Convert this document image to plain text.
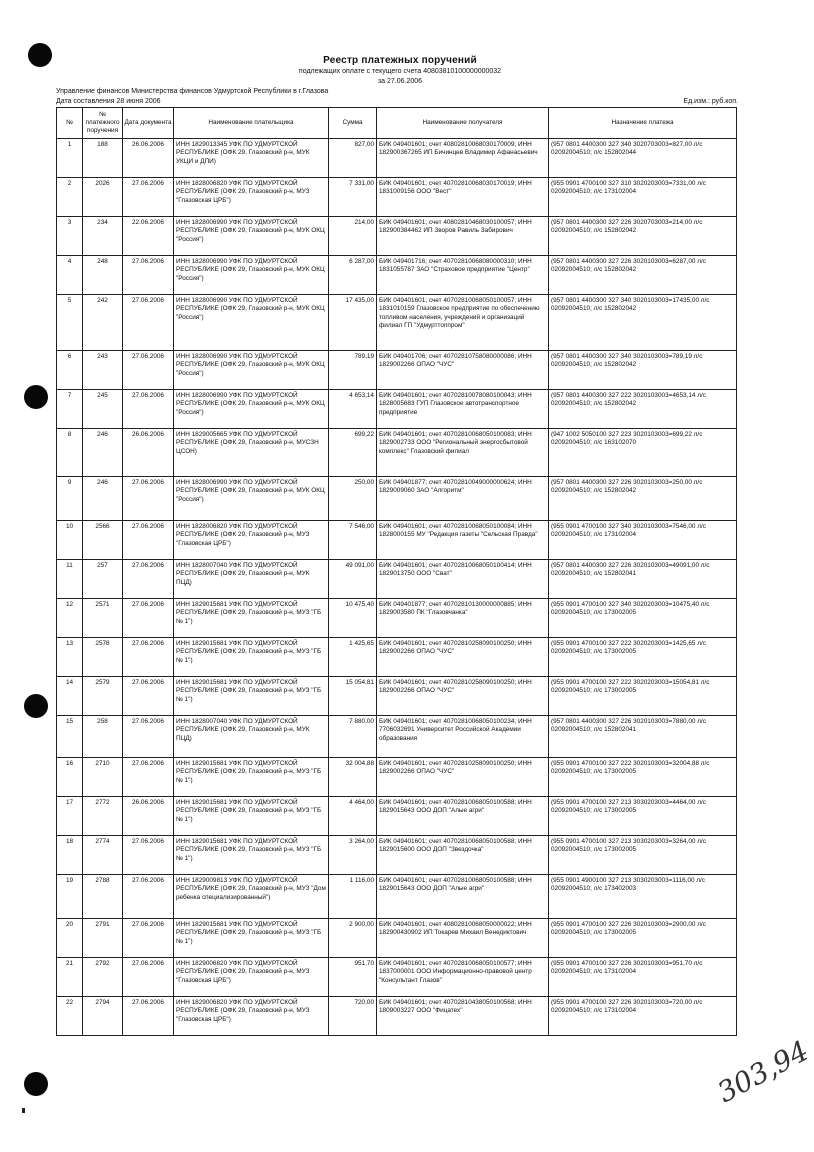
Реестр платежных поручений
подлежащих оплате с текущего счета 40803810100000000032
за 27.06.2006
Управление финансов Министерства финансов Удмуртской Республики в г.Глазова
Дата составления 28 июня 2006	Ед.изм.: руб.коп.
№	№ платежного поручения	Дата документа	Наименование плательщика	Сумма	Наименование получателя	Назначение платежа
1	188	26.06.2006	ИНН 1829013345 УФК ПО УДМУРТСКОЙ РЕСПУБЛИКЕ (ОФК 29, Глазовский р-н, МУК УКЦИ и ДПИ)	827,00	БИК 049401601; счет 40802810068030170009; ИНН 182900367265 ИП Бичинцев Владимир Афанасьевич	(957 0801 4400300 327 340 3020703003=827,00 л/с 02092004510; л/с 152802044
2	2026	27.06.2006	ИНН 1828006820 УФК ПО УДМУРТСКОЙ РЕСПУБЛИКЕ (ОФК 29, Глазовский р-н, МУЗ "Глазовская ЦРБ")	7 331,00	БИК 049401601; счет 40702810068030170019; ИНН 1831009156 ООО "Вест"	(955 0901 4700100 327 310 3020203003=7331,00 л/с 02092004510; л/с 173102004
3	234	22.06.2006	ИНН 1828006990 УФК ПО УДМУРТСКОЙ РЕСПУБЛИКЕ (ОФК 29, Глазовский р-н, МУК ОКЦ "Россия")	214,00	БИК 049401601; счет 40802810468030100057; ИНН 182900384462 ИП Зворов Равиль Забирович	(957 0801 4400300 327 226 3020703003=214,00 л/с 02092004510; л/с 152802042
4	248	27.06.2006	ИНН 1828006990 УФК ПО УДМУРТСКОЙ РЕСПУБЛИКЕ (ОФК 29, Глазовский р-н, МУК ОКЦ "Россия")	6 287,00	БИК 049401716; счет 40702810068080000310; ИНН 1831055787 ЗАО "Страховое предприятие "Центр"	(957 0801 4400300 327 226 3020103003=6287,00 л/с 02092004510; л/с 152802042
5	242	27.06.2006	ИНН 1828006990 УФК ПО УДМУРТСКОЙ РЕСПУБЛИКЕ (ОФК 29, Глазовский р-н, МУК ОКЦ "Россия")	17 435,00	БИК 049401601; счет 40702810068050100057; ИНН 1831010159 Глазовское предприятие по обеспечению топливом населения, учреждений и организаций филиал ГП "Удмурттоппром"	(957 0801 4400300 327 340 3020103003=17435,00 л/с 02092004510; л/с 152802042
6	243	27.06.2006	ИНН 1828006990 УФК ПО УДМУРТСКОЙ РЕСПУБЛИКЕ (ОФК 29, Глазовский р-н, МУК ОКЦ "Россия")	789,19	БИК 049401706; счет 40702810758080000086; ИНН 1829002266 ОПАО "ЧУС"	(957 0801 4400300 327 340 3020103003=789,19 л/с 02092004510; л/с 152802042
7	245	27.06.2006	ИНН 1828006990 УФК ПО УДМУРТСКОЙ РЕСПУБЛИКЕ (ОФК 29, Глазовский р-н, МУК ОКЦ "Россия")	4 653,14	БИК 049401601; счет 40702810078080100043; ИНН 1828005683 ГУП Глазовское автотранспортное предприятие	(957 0801 4400300 327 222 3020103003=4653,14 л/с 02092004510; л/с 152802042
8	246	26.06.2006	ИНН 1829005665 УФК ПО УДМУРТСКОЙ РЕСПУБЛИКЕ (ОФК 29, Глазовский р-н, МУСЗН ЦСОН)	699,22	БИК 049401601; счет 40702810068050100083; ИНН 1829002733 ООО "Региональный энергосбытовой комплекс" Глазовский филиал	(947 1002 5050100 327 223 3020103003=699,22 л/с 02092004510; л/с 163102070
9	246	27.06.2006	ИНН 1828006990 УФК ПО УДМУРТСКОЙ РЕСПУБЛИКЕ (ОФК 29, Глазовский р-н, МУК ОКЦ "Россия")	250,00	БИК 049401877; счет 40702810049000000624; ИНН 1829009060 ЗАО "Алгоритм"	(957 0801 4400300 327 226 3020103003=250,00 л/с 02092004510; л/с 152802042
10	2566	27.06.2006	ИНН 1828006820 УФК ПО УДМУРТСКОЙ РЕСПУБЛИКЕ (ОФК 29, Глазовский р-н, МУЗ "Глазовская ЦРБ")	7 546,00	БИК 049401601; счет 40702810068050100084; ИНН 1828000155 МУ "Редакция газеты "Сельская Правда"	(955 0901 4700100 327 340 3020103003=7546,00 л/с 02092004510; л/с 173102004
11	257	27.06.2006	ИНН 1828007040 УФК ПО УДМУРТСКОЙ РЕСПУБЛИКЕ (ОФК 29, Глазовский р-н, МУК ПЦД)	49 091,00	БИК 049401601; счет 40702810068050100414; ИНН 1829013750 ООО "Сват"	(957 0801 4400300 327 226 3020103003=49091,00 л/с 02092004510; л/с 152802041
12	2571	27.06.2006	ИНН 1829015681 УФК ПО УДМУРТСКОЙ РЕСПУБЛИКЕ (ОФК 29, Глазовский р-н, МУЗ "ГБ № 1")	10 475,40	БИК 049401877; счет 40702810130000000885; ИНН 1829003580 ПК "Глазовчанка"	(955 0901 4700100 327 340 3020203003=10475,40 л/с 02092004510; л/с 173002005
13	2578	27.06.2006	ИНН 1829015681 УФК ПО УДМУРТСКОЙ РЕСПУБЛИКЕ (ОФК 29, Глазовский р-н, МУЗ "ГБ № 1")	1 425,65	БИК 049401601; счет 40702810258090100250; ИНН 1829002266 ОПАО "ЧУС"	(955 0901 4700100 327 222 3020203003=1425,65 л/с 02092004510; л/с 173002005
14	2579	27.06.2006	ИНН 1829015681 УФК ПО УДМУРТСКОЙ РЕСПУБЛИКЕ (ОФК 29, Глазовский р-н, МУЗ "ГБ № 1")	15 054,81	БИК 049401601; счет 40702810258090100250; ИНН 1829002266 ОПАО "ЧУС"	(955 0901 4700100 327 222 3020203003=15054,81 л/с 02092004510; л/с 173002005
15	258	27.06.2006	ИНН 1828007040 УФК ПО УДМУРТСКОЙ РЕСПУБЛИКЕ (ОФК 29, Глазовский р-н, МУК ПЦД)	7 880,00	БИК 049401601; счет 40702810068050100234; ИНН 7706032691 Университет Российской Академии образования	(957 0801 4400300 327 226 3020103003=7880,00 л/с 02092004510; л/с 152802041
16	2710	27.06.2006	ИНН 1829015681 УФК ПО УДМУРТСКОЙ РЕСПУБЛИКЕ (ОФК 29, Глазовский р-н, МУЗ "ГБ № 1")	32 004,88	БИК 049401601; счет 40702810258090100250; ИНН 1829002266 ОПАО "ЧУС"	(955 0901 4700100 327 222 3020103003=32004,88 л/с 02092004510; л/с 173002005
17	2772	26.06.2006	ИНН 1829015681 УФК ПО УДМУРТСКОЙ РЕСПУБЛИКЕ (ОФК 29, Глазовский р-н, МУЗ "ГБ № 1")	4 464,00	БИК 049401601; счет 40702810068050100588; ИНН 1829015643 ООО ДОП "Алые агри"	(955 0901 4700100 327 213 3030203003=4464,00 л/с 02092004510; л/с 173002005
18	2774	27.06.2006	ИНН 1829015681 УФК ПО УДМУРТСКОЙ РЕСПУБЛИКЕ (ОФК 29, Глазовский р-н, МУЗ "ГБ № 1")	3 264,00	БИК 049401601; счет 40702810068050100588; ИНН 1829015600 ООО ДОП "Звездочка"	(955 0901 4700100 327 213 3030203003=3264,00 л/с 02092004510; л/с 173002005
19	2788	27.06.2006	ИНН 1829009813 УФК ПО УДМУРТСКОЙ РЕСПУБЛИКЕ (ОФК 29, Глазовский р-н, МУЗ "Дом ребенка специализированный")	1 116,00	БИК 049401601; счет 40702810068050100588; ИНН 1829015643 ООО ДОП "Алые агри"	(955 0901 4900100 327 213 3030203003=1116,00 л/с 02092004510; л/с 173402003
20	2791	27.06.2006	ИНН 1829015681 УФК ПО УДМУРТСКОЙ РЕСПУБЛИКЕ (ОФК 29, Глазовский р-н, МУЗ "ГБ № 1")	2 900,00	БИК 049401601; счет 40802810068050000022; ИНН 182900430902 ИП Токарев Михаил Венедиктович	(955 0901 4700100 327 226 3020103003=2900,00 л/с 02092004510; л/с 173002005
21	2792	27.06.2006	ИНН 1829006820 УФК ПО УДМУРТСКОЙ РЕСПУБЛИКЕ (ОФК 29, Глазовский р-н, МУЗ "Глазовская ЦРБ")	951,70	БИК 049401601; счет 40702810068050100577; ИНН 1837000001 ООО Информационно-правовой центр "Консультант Глазов"	(955 0901 4700100 327 226 3020103003=951,70 л/с 02092004510; л/с 173102004
22	2794	27.06.2006	ИНН 1829006820 УФК ПО УДМУРТСКОЙ РЕСПУБЛИКЕ (ОФК 29, Глазовский р-н, МУЗ "Глазовская ЦРБ")	720,00	БИК 049401601; счет 40702810438050100568; ИНН 1809003227 ООО "Фицатех"	(955 0901 4700100 327 226 3020103003=720,00 л/с 02092004510; л/с 173102004
303,94
